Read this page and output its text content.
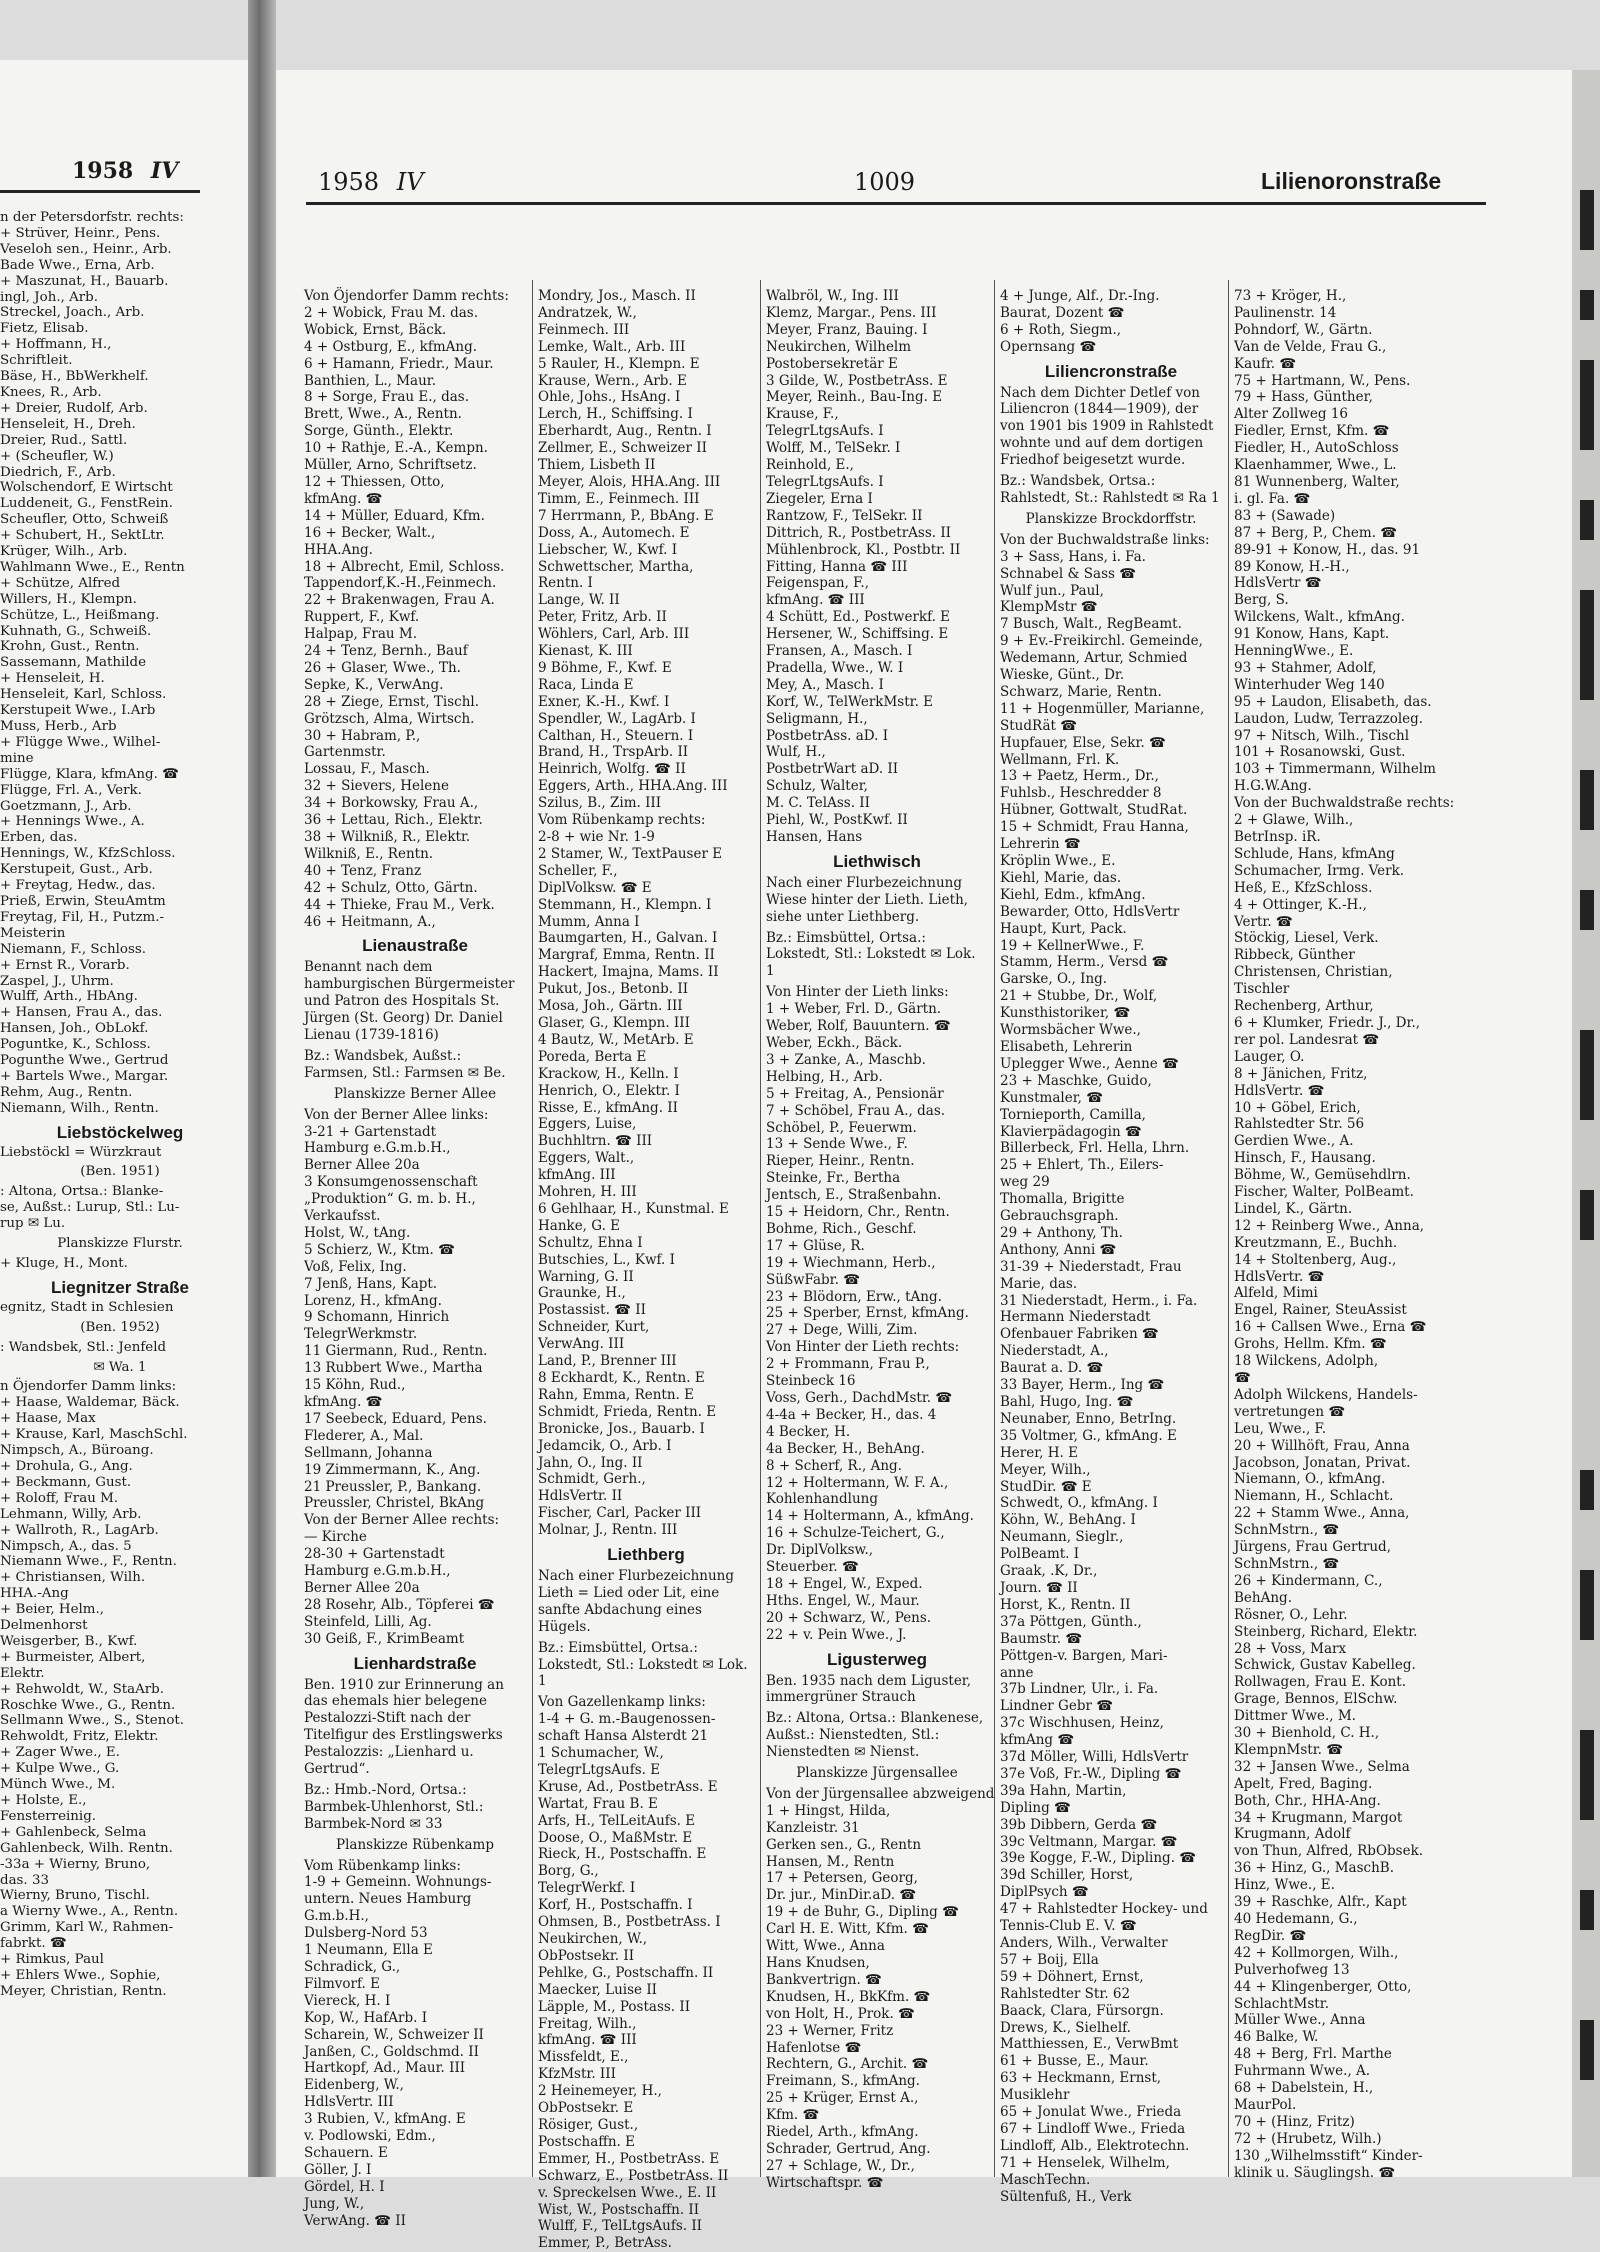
1958 IV
n der Petersdorfstr. rechts:
+ Strüver, Heinr., Pens.
Veseloh sen., Heinr., Arb.
Bade Wwe., Erna, Arb.
+ Maszunat, H., Bauarb.
ingl, Joh., Arb.
Streckel, Joach., Arb.
Fietz, Elisab.
+ Hoffmann, H.,
Schriftleit.
Bäse, H., BbWerkhelf.
Knees, R., Arb.
+ Dreier, Rudolf, Arb.
Henseleit, H., Dreh.
Dreier, Rud., Sattl.
+ (Scheufler, W.)
Diedrich, F., Arb.
Wolschendorf, E Wirtscht
Luddeneit, G., FenstRein.
Scheufler, Otto, Schweiß
+ Schubert, H., SektLtr.
Krüger, Wilh., Arb.
Wahlmann Wwe., E., Rentn
+ Schütze, Alfred
Willers, H., Klempn.
Schütze, L., Heißmang.
Kuhnath, G., Schweiß.
Krohn, Gust., Rentn.
Sassemann, Mathilde
+ Henseleit, H.
Henseleit, Karl, Schloss.
Kerstupeit Wwe., I.Arb
Muss, Herb., Arb
+ Flügge Wwe., Wilhel-
mine
Flügge, Klara, kfmAng. ☎
Flügge, Frl. A., Verk.
Goetzmann, J., Arb.
+ Hennings Wwe., A.
Erben, das.
Hennings, W., KfzSchloss.
Kerstupeit, Gust., Arb.
+ Freytag, Hedw., das.
Prieß, Erwin, SteuAmtm
Freytag, Fil, H., Putzm.-
Meisterin
Niemann, F., Schloss.
+ Ernst R., Vorarb.
Zaspel, J., Uhrm.
Wulff, Arth., HbAng.
+ Hansen, Frau A., das.
Hansen, Joh., ObLokf.
Poguntke, K., Schloss.
Pogunthe Wwe., Gertrud
+ Bartels Wwe., Margar.
Rehm, Aug., Rentn.
Niemann, Wilh., Rentn.
Liebstöckelweg
Liebstöckl = Würzkraut
(Ben. 1951)
: Altona, Ortsa.: Blanke-
se, Außst.: Lurup, Stl.: Lu-
rup ✉ Lu.
Planskizze Flurstr.
+ Kluge, H., Mont.
Liegnitzer Straße
egnitz, Stadt in Schlesien
(Ben. 1952)
: Wandsbek, Stl.: Jenfeld
✉ Wa. 1
n Öjendorfer Damm links:
+ Haase, Waldemar, Bäck.
+ Haase, Max
+ Krause, Karl, MaschSchl.
Nimpsch, A., Büroang.
+ Drohula, G., Ang.
+ Beckmann, Gust.
+ Roloff, Frau M.
Lehmann, Willy, Arb.
+ Wallroth, R., LagArb.
Nimpsch, A., das. 5
Niemann Wwe., F., Rentn.
+ Christiansen, Wilh.
HHA.-Ang
+ Beier, Helm.,
Delmenhorst
Weisgerber, B., Kwf.
+ Burmeister, Albert,
Elektr.
+ Rehwoldt, W., StaArb.
Roschke Wwe., G., Rentn.
Sellmann Wwe., S., Stenot.
Rehwoldt, Fritz, Elektr.
+ Zager Wwe., E.
+ Kulpe Wwe., G.
Münch Wwe., M.
+ Holste, E.,
Fensterreinig.
+ Gahlenbeck, Selma
Gahlenbeck, Wilh. Rentn.
-33a + Wierny, Bruno,
das. 33
Wierny, Bruno, Tischl.
a Wierny Wwe., A., Rentn.
Grimm, Karl W., Rahmen-
fabrkt. ☎
+ Rimkus, Paul
+ Ehlers Wwe., Sophie,
Meyer, Christian, Rentn.
1958 IV	1009	Lilienoronstraße
Von Öjendorfer Damm rechts:
2 + Wobick, Frau M. das.
Wobick, Ernst, Bäck.
4 + Ostburg, E., kfmAng.
6 + Hamann, Friedr., Maur.
Banthien, L., Maur.
8 + Sorge, Frau E., das.
Brett, Wwe., A., Rentn.
Sorge, Günth., Elektr.
10 + Rathje, E.-A., Kempn.
Müller, Arno, Schriftsetz.
12 + Thiessen, Otto,
kfmAng. ☎
14 + Müller, Eduard, Kfm.
16 + Becker, Walt.,
HHA.Ang.
18 + Albrecht, Emil, Schloss.
Tappendorf,K.-H.,Feinmech.
22 + Brakenwagen, Frau A.
Ruppert, F., Kwf.
Halpap, Frau M.
24 + Tenz, Bernh., Bauf
26 + Glaser, Wwe., Th.
Sepke, K., VerwAng.
28 + Ziege, Ernst, Tischl.
Grötzsch, Alma, Wirtsch.
30 + Habram, P.,
Gartenmstr.
Lossau, F., Masch.
32 + Sievers, Helene
34 + Borkowsky, Frau A.,
36 + Lettau, Rich., Elektr.
38 + Wilkniß, R., Elektr.
Wilkniß, E., Rentn.
40 + Tenz, Franz
42 + Schulz, Otto, Gärtn.
44 + Thieke, Frau M., Verk.
46 + Heitmann, A.,
Lienaustraße
Benannt nach dem hamburgischen Bürgermeister und Patron des Hospitals St. Jürgen (St. Georg) Dr. Daniel Lienau (1739-1816)
Bz.: Wandsbek, Außst.: Farmsen, Stl.: Farmsen ✉ Be.
Planskizze Berner Allee
Von der Berner Allee links:
3-21 + Gartenstadt
Hamburg e.G.m.b.H.,
Berner Allee 20a
3 Konsumgenossenschaft
„Produktion“ G. m. b. H.,
Verkaufsst.
Holst, W., tAng.
5 Schierz, W., Ktm. ☎
Voß, Felix, Ing.
7 Jenß, Hans, Kapt.
Lorenz, H., kfmAng.
9 Schomann, Hinrich
TelegrWerkmstr.
11 Giermann, Rud., Rentn.
13 Rubbert Wwe., Martha
15 Köhn, Rud.,
kfmAng. ☎
17 Seebeck, Eduard, Pens.
Flederer, A., Mal.
Sellmann, Johanna
19 Zimmermann, K., Ang.
21 Preussler, P., Bankang.
Preussler, Christel, BkAng
Von der Berner Allee rechts:
— Kirche
28-30 + Gartenstadt
Hamburg e.G.m.b.H.,
Berner Allee 20a
28 Rosehr, Alb., Töpferei ☎
Steinfeld, Lilli, Ag.
30 Geiß, F., KrimBeamt
Lienhardstraße
Ben. 1910 zur Erinnerung an das ehemals hier belegene Pestalozzi-Stift nach der Titelfigur des Erstlingswerks Pestalozzis: „Lienhard u. Gertrud“.
Bz.: Hmb.-Nord, Ortsa.: Barmbek-Uhlenhorst, Stl.: Barmbek-Nord ✉ 33
Planskizze Rübenkamp
Vom Rübenkamp links:
1-9 + Gemeinn. Wohnungs-
untern. Neues Hamburg
G.m.b.H.,
Dulsberg-Nord 53
1 Neumann, Ella E
Schradick, G.,
Filmvorf. E
Viereck, H. I
Kop, W., HafArb. I
Scharein, W., Schweizer II
Janßen, C., Goldschmd. II
Hartkopf, Ad., Maur. III
Eidenberg, W.,
HdlsVertr. III
3 Rubien, V., kfmAng. E
v. Podlowski, Edm.,
Schauern. E
Göller, J. I
Gördel, H. I
Jung, W.,
VerwAng. ☎ II
Mondry, Jos., Masch. II
Andratzek, W.,
Feinmech. III
Lemke, Walt., Arb. III
5 Rauler, H., Klempn. E
Krause, Wern., Arb. E
Ohle, Johs., HsAng. I
Lerch, H., Schiffsing. I
Eberhardt, Aug., Rentn. I
Zellmer, E., Schweizer II
Thiem, Lisbeth II
Meyer, Alois, HHA.Ang. III
Timm, E., Feinmech. III
7 Herrmann, P., BbAng. E
Doss, A., Automech. E
Liebscher, W., Kwf. I
Schwettscher, Martha,
Rentn. I
Lange, W. II
Peter, Fritz, Arb. II
Wöhlers, Carl, Arb. III
Kienast, K. III
9 Böhme, F., Kwf. E
Raca, Linda E
Exner, K.-H., Kwf. I
Spendler, W., LagArb. I
Calthan, H., Steuern. I
Brand, H., TrspArb. II
Heinrich, Wolfg. ☎ II
Eggers, Arth., HHA.Ang. III
Szilus, B., Zim. III
Vom Rübenkamp rechts:
2-8 + wie Nr. 1-9
2 Stamer, W., TextPauser E
Scheller, F.,
DiplVolksw. ☎ E
Stemmann, H., Klempn. I
Mumm, Anna I
Baumgarten, H., Galvan. I
Margraf, Emma, Rentn. II
Hackert, Imajna, Mams. II
Pukut, Jos., Betonb. II
Mosa, Joh., Gärtn. III
Glaser, G., Klempn. III
4 Bautz, W., MetArb. E
Poreda, Berta E
Krackow, H., Kelln. I
Henrich, O., Elektr. I
Risse, E., kfmAng. II
Eggers, Luise,
Buchhltrn. ☎ III
Eggers, Walt.,
kfmAng. III
Mohren, H. III
6 Gehlhaar, H., Kunstmal. E
Hanke, G. E
Schultz, Ehna I
Butschies, L., Kwf. I
Warning, G. II
Graunke, H.,
Postassist. ☎ II
Schneider, Kurt,
VerwAng. III
Land, P., Brenner III
8 Eckhardt, K., Rentn. E
Rahn, Emma, Rentn. E
Schmidt, Frieda, Rentn. E
Bronicke, Jos., Bauarb. I
Jedamcik, O., Arb. I
Jahn, O., Ing. II
Schmidt, Gerh.,
HdlsVertr. II
Fischer, Carl, Packer III
Molnar, J., Rentn. III
Liethberg
Nach einer Flurbezeichnung Lieth = Lied oder Lit, eine sanfte Abdachung eines Hügels.
Bz.: Eimsbüttel, Ortsa.: Lokstedt, Stl.: Lokstedt ✉ Lok. 1
Von Gazellenkamp links:
1-4 + G. m.-Baugenossen-
schaft Hansa Alsterdt 21
1 Schumacher, W.,
TelegrLtgsAufs. E
Kruse, Ad., PostbetrAss. E
Wartat, Frau B. E
Arfs, H., TelLeitAufs. E
Doose, O., MaßMstr. E
Rieck, H., Postschaffn. E
Borg, G.,
TelegrWerkf. I
Korf, H., Postschaffn. I
Ohmsen, B., PostbetrAss. I
Neukirchen, W.,
ObPostsekr. II
Pehlke, G., Postschaffn. II
Maecker, Luise II
Läpple, M., Postass. II
Freitag, Wilh.,
kfmAng. ☎ III
Missfeldt, E.,
KfzMstr. III
2 Heinemeyer, H.,
ObPostsekr. E
Rösiger, Gust.,
Postschaffn. E
Emmer, H., PostbetrAss. E
Schwarz, E., PostbetrAss. II
v. Spreckelsen Wwe., E. II
Wist, W., Postschaffn. II
Wulff, F., TelLtgsAufs. II
Emmer, P., BetrAss.
Walbröl, W., Ing. III
Klemz, Margar., Pens. III
Meyer, Franz, Bauing. I
Neukirchen, Wilhelm
Postobersekretär E
3 Gilde, W., PostbetrAss. E
Meyer, Reinh., Bau-Ing. E
Krause, F.,
TelegrLtgsAufs. I
Wolff, M., TelSekr. I
Reinhold, E.,
TelegrLtgsAufs. I
Ziegeler, Erna I
Rantzow, F., TelSekr. II
Dittrich, R., PostbetrAss. II
Mühlenbrock, Kl., Postbtr. II
Fitting, Hanna ☎ III
Feigenspan, F.,
kfmAng. ☎ III
4 Schütt, Ed., Postwerkf. E
Hersener, W., Schiffsing. E
Fransen, A., Masch. I
Pradella, Wwe., W. I
Mey, A., Masch. I
Korf, W., TelWerkMstr. E
Seligmann, H.,
PostbetrAss. aD. I
Wulf, H.,
PostbetrWart aD. II
Schulz, Walter,
M. C. TelAss. II
Piehl, W., PostKwf. II
Hansen, Hans
Liethwisch
Nach einer Flurbezeichnung Wiese hinter der Lieth. Lieth, siehe unter Liethberg.
Bz.: Eimsbüttel, Ortsa.: Lokstedt, Stl.: Lokstedt ✉ Lok. 1
Von Hinter der Lieth links:
1 + Weber, Frl. D., Gärtn.
Weber, Rolf, Bauuntern. ☎
Weber, Eckh., Bäck.
3 + Zanke, A., Maschb.
Helbing, H., Arb.
5 + Freitag, A., Pensionär
7 + Schöbel, Frau A., das.
Schöbel, P., Feuerwm.
13 + Sende Wwe., F.
Rieper, Heinr., Rentn.
Steinke, Fr., Bertha
Jentsch, E., Straßenbahn.
15 + Heidorn, Chr., Rentn.
Bohme, Rich., Geschf.
17 + Glüse, R.
19 + Wiechmann, Herb.,
SüßwFabr. ☎
23 + Blödorn, Erw., tAng.
25 + Sperber, Ernst, kfmAng.
27 + Dege, Willi, Zim.
Von Hinter der Lieth rechts:
2 + Frommann, Frau P.,
Steinbeck 16
Voss, Gerh., DachdMstr. ☎
4-4a + Becker, H., das. 4
4 Becker, H.
4a Becker, H., BehAng.
8 + Scherf, R., Ang.
12 + Holtermann, W. F. A.,
Kohlenhandlung
14 + Holtermann, A., kfmAng.
16 + Schulze-Teichert, G.,
Dr. DiplVolksw.,
Steuerber. ☎
18 + Engel, W., Exped.
Hths. Engel, W., Maur.
20 + Schwarz, W., Pens.
22 + v. Pein Wwe., J.
Ligusterweg
Ben. 1935 nach dem Liguster, immergrüner Strauch
Bz.: Altona, Ortsa.: Blankenese, Außst.: Nienstedten, Stl.: Nienstedten ✉ Nienst.
Planskizze Jürgensallee
Von der Jürgensallee abzweigend
1 + Hingst, Hilda,
Kanzleistr. 31
Gerken sen., G., Rentn
Hansen, M., Rentn
17 + Petersen, Georg,
Dr. jur., MinDir.aD. ☎
19 + de Buhr, G., Dipling ☎
Carl H. E. Witt, Kfm. ☎
Witt, Wwe., Anna
Hans Knudsen,
Bankvertrign. ☎
Knudsen, H., BkKfm. ☎
von Holt, H., Prok. ☎
23 + Werner, Fritz
Hafenlotse ☎
Rechtern, G., Archit. ☎
Freimann, S., kfmAng.
25 + Krüger, Ernst A.,
Kfm. ☎
Riedel, Arth., kfmAng.
Schrader, Gertrud, Ang.
27 + Schlage, W., Dr.,
Wirtschaftspr. ☎
4 + Junge, Alf., Dr.-Ing.
Baurat, Dozent ☎
6 + Roth, Siegm.,
Opernsang ☎
Liliencronstraße
Nach dem Dichter Detlef von Liliencron (1844—1909), der von 1901 bis 1909 in Rahlstedt wohnte und auf dem dortigen Friedhof beigesetzt wurde.
Bz.: Wandsbek, Ortsa.: Rahlstedt, St.: Rahlstedt ✉ Ra 1
Planskizze Brockdorffstr.
Von der Buchwaldstraße links:
3 + Sass, Hans, i. Fa.
Schnabel & Sass ☎
Wulf jun., Paul,
KlempMstr ☎
7 Busch, Walt., RegBeamt.
9 + Ev.-Freikirchl. Gemeinde,
Wedemann, Artur, Schmied
Wieske, Günt., Dr.
Schwarz, Marie, Rentn.
11 + Hogenmüller, Marianne,
StudRät ☎
Hupfauer, Else, Sekr. ☎
Wellmann, Frl. K.
13 + Paetz, Herm., Dr.,
Fuhlsb., Heschredder 8
Hübner, Gottwalt, StudRat.
15 + Schmidt, Frau Hanna,
Lehrerin ☎
Kröplin Wwe., E.
Kiehl, Marie, das.
Kiehl, Edm., kfmAng.
Bewarder, Otto, HdlsVertr
Haupt, Kurt, Pack.
19 + KellnerWwe., F.
Stamm, Herm., Versd ☎
Garske, O., Ing.
21 + Stubbe, Dr., Wolf,
Kunsthistoriker, ☎
Wormsbächer Wwe.,
Elisabeth, Lehrerin
Uplegger Wwe., Aenne ☎
23 + Maschke, Guido,
Kunstmaler, ☎
Tornieporth, Camilla,
Klavierpädagogin ☎
Billerbeck, Frl. Hella, Lhrn.
25 + Ehlert, Th., Eilers-
weg 29
Thomalla, Brigitte
Gebrauchsgraph.
29 + Anthony, Th.
Anthony, Anni ☎
31-39 + Niederstadt, Frau
Marie, das.
31 Niederstadt, Herm., i. Fa.
Hermann Niederstadt
Ofenbauer Fabriken ☎
Niederstadt, A.,
Baurat a. D. ☎
33 Bayer, Herm., Ing ☎
Bahl, Hugo, Ing. ☎
Neunaber, Enno, BetrIng.
35 Voltmer, G., kfmAng. E
Herer, H. E
Meyer, Wilh.,
StudDir. ☎ E
Schwedt, O., kfmAng. I
Köhn, W., BehAng. I
Neumann, Sieglr.,
PolBeamt. I
Graak, .K, Dr.,
Journ. ☎ II
Horst, K., Rentn. II
37a Pöttgen, Günth.,
Baumstr. ☎
Pöttgen-v. Bargen, Mari-
anne
37b Lindner, Ulr., i. Fa.
Lindner Gebr ☎
37c Wischhusen, Heinz,
kfmAng ☎
37d Möller, Willi, HdlsVertr
37e Voß, Fr.-W., Dipling ☎
39a Hahn, Martin,
Dipling ☎
39b Dibbern, Gerda ☎
39c Veltmann, Margar. ☎
39e Kogge, F.-W., Dipling. ☎
39d Schiller, Horst,
DiplPsych ☎
47 + Rahlstedter Hockey- und
Tennis-Club E. V. ☎
Anders, Wilh., Verwalter
57 + Boij, Ella
59 + Döhnert, Ernst,
Rahlstedter Str. 62
Baack, Clara, Fürsorgn.
Drews, K., Sielhelf.
Matthiessen, E., VerwBmt
61 + Busse, E., Maur.
63 + Heckmann, Ernst,
Musiklehr
65 + Jonulat Wwe., Frieda
67 + Lindloff Wwe., Frieda
Lindloff, Alb., Elektrotechn.
71 + Henselek, Wilhelm,
MaschTechn.
Sültenfuß, H., Verk
73 + Kröger, H.,
Paulinenstr. 14
Pohndorf, W., Gärtn.
Van de Velde, Frau G.,
Kaufr. ☎
75 + Hartmann, W., Pens.
79 + Hass, Günther,
Alter Zollweg 16
Fiedler, Ernst, Kfm. ☎
Fiedler, H., AutoSchloss
Klaenhammer, Wwe., L.
81 Wunnenberg, Walter,
i. gl. Fa. ☎
83 + (Sawade)
87 + Berg, P., Chem. ☎
89-91 + Konow, H., das. 91
89 Konow, H.-H.,
HdlsVertr ☎
Berg, S.
Wilckens, Walt., kfmAng.
91 Konow, Hans, Kapt.
HenningWwe., E.
93 + Stahmer, Adolf,
Winterhuder Weg 140
95 + Laudon, Elisabeth, das.
Laudon, Ludw, Terrazzoleg.
97 + Nitsch, Wilh., Tischl
101 + Rosanowski, Gust.
103 + Timmermann, Wilhelm
H.G.W.Ang.
Von der Buchwaldstraße rechts:
2 + Glawe, Wilh.,
BetrInsp. iR.
Schlude, Hans, kfmAng
Schumacher, Irmg. Verk.
Heß, E., KfzSchloss.
4 + Ottinger, K.-H.,
Vertr. ☎
Stöckig, Liesel, Verk.
Ribbeck, Günther
Christensen, Christian,
Tischler
Rechenberg, Arthur,
6 + Klumker, Friedr. J., Dr.,
rer pol. Landesrat ☎
Lauger, O.
8 + Jänichen, Fritz,
HdlsVertr. ☎
10 + Göbel, Erich,
Rahlstedter Str. 56
Gerdien Wwe., A.
Hinsch, F., Hausang.
Böhme, W., Gemüsehdlrn.
Fischer, Walter, PolBeamt.
Lindel, K., Gärtn.
12 + Reinberg Wwe., Anna,
Kreutzmann, E., Buchh.
14 + Stoltenberg, Aug.,
HdlsVertr. ☎
Alfeld, Mimi
Engel, Rainer, SteuAssist
16 + Callsen Wwe., Erna ☎
Grohs, Hellm. Kfm. ☎
18 Wilckens, Adolph,
☎
Adolph Wilckens, Handels-
vertretungen ☎
Leu, Wwe., F.
20 + Willhöft, Frau, Anna
Jacobson, Jonatan, Privat.
Niemann, O., kfmAng.
Niemann, H., Schlacht.
22 + Stamm Wwe., Anna,
SchnMstrn., ☎
Jürgens, Frau Gertrud,
SchnMstrn., ☎
26 + Kindermann, C.,
BehAng.
Rösner, O., Lehr.
Steinberg, Richard, Elektr.
28 + Voss, Marx
Schwick, Gustav Kabelleg.
Rollwagen, Frau E. Kont.
Grage, Bennos, ElSchw.
Dittmer Wwe., M.
30 + Bienhold, C. H.,
KlempnMstr. ☎
32 + Jansen Wwe., Selma
Apelt, Fred, Baging.
Both, Chr., HHA-Ang.
34 + Krugmann, Margot
Krugmann, Adolf
von Thun, Alfred, RbObsek.
36 + Hinz, G., MaschB.
Hinz, Wwe., E.
39 + Raschke, Alfr., Kapt
40 Hedemann, G.,
RegDir. ☎
42 + Kollmorgen, Wilh.,
Pulverhofweg 13
44 + Klingenberger, Otto,
SchlachtMstr.
Müller Wwe., Anna
46 Balke, W.
48 + Berg, Frl. Marthe
Fuhrmann Wwe., A.
68 + Dabelstein, H.,
MaurPol.
70 + (Hinz, Fritz)
72 + (Hrubetz, Wilh.)
130 „Wilhelmsstift“ Kinder-
klinik u. Säuglingsh. ☎
